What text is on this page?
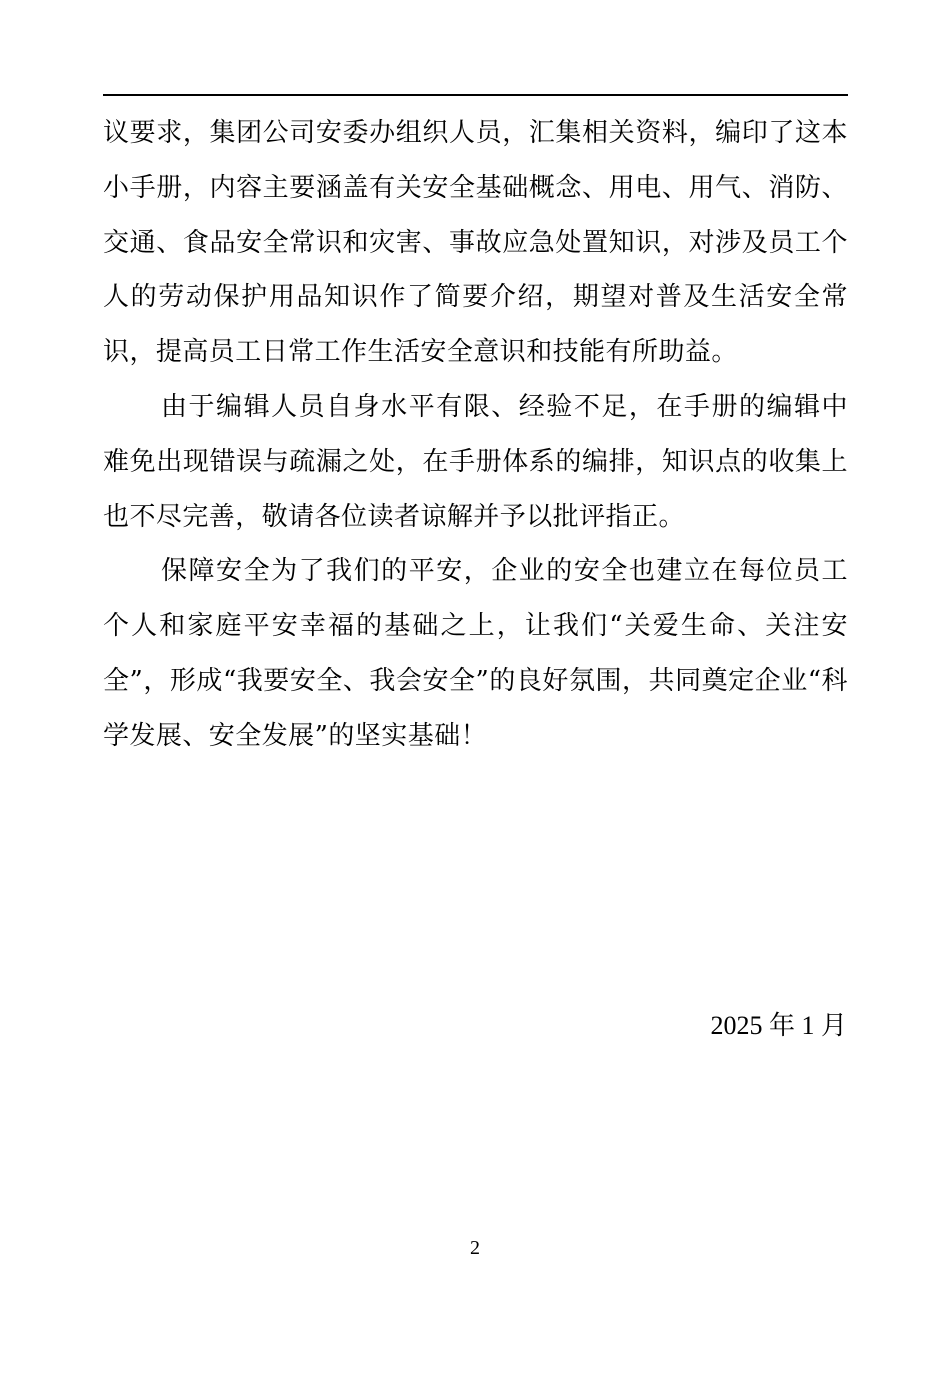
议要求，集团公司安委办组织人员，汇集相关资料，编印了这本小手册，内容主要涵盖有关安全基础概念、用电、用气、消防、交通、食品安全常识和灾害、事故应急处置知识，对涉及员工个人的劳动保护用品知识作了简要介绍，期望对普及生活安全常识，提高员工日常工作生活安全意识和技能有所助益。

由于编辑人员自身水平有限、经验不足，在手册的编辑中难免出现错误与疏漏之处，在手册体系的编排，知识点的收集上也不尽完善，敬请各位读者谅解并予以批评指正。

保障安全为了我们的平安，企业的安全也建立在每位员工个人和家庭平安幸福的基础之上，让我们“关爱生命、关注安全”，形成“我要安全、我会安全”的良好氛围，共同奠定企业“科学发展、安全发展”的坚实基础！

2025 年 1 月
2
